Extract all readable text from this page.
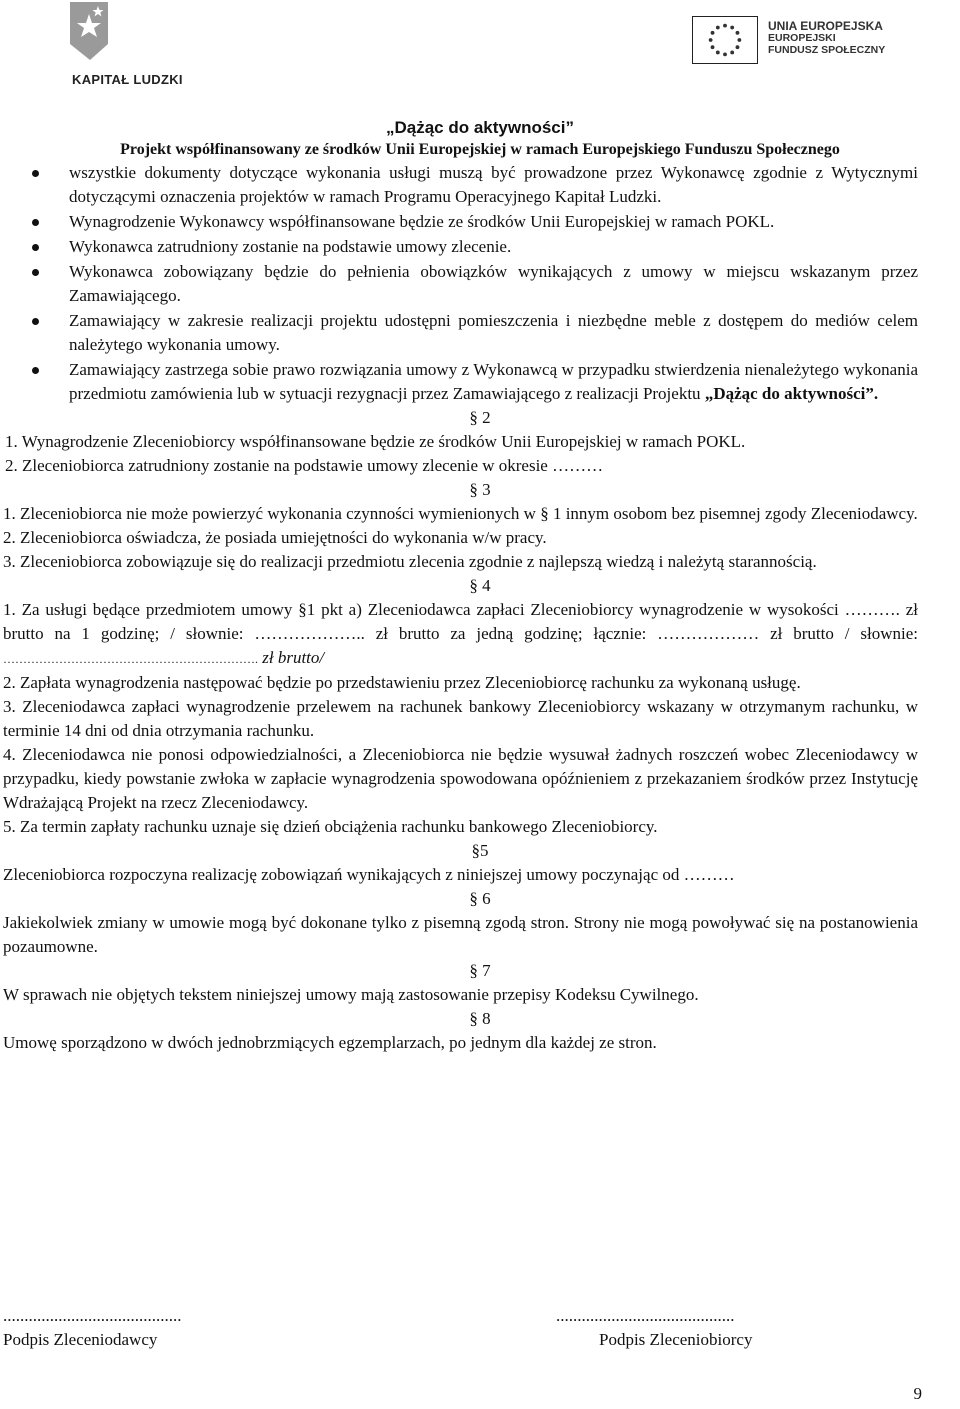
KAPITAŁ LUDZKI
UNIA EUROPEJSKA
EUROPEJSKI
FUNDUSZ SPOŁECZNY
„Dążąc do aktywności”
Projekt współfinansowany ze środków Unii Europejskiej w ramach Europejskiego Funduszu Społecznego
wszystkie dokumenty dotyczące wykonania usługi muszą być prowadzone przez Wykonawcę zgodnie z Wytycznymi dotyczącymi oznaczenia projektów w ramach Programu Operacyjnego Kapitał Ludzki.
Wynagrodzenie Wykonawcy współfinansowane będzie ze środków Unii Europejskiej w ramach POKL.
Wykonawca zatrudniony zostanie na podstawie umowy zlecenie.
Wykonawca zobowiązany będzie do pełnienia obowiązków wynikających z umowy w miejscu wskazanym przez Zamawiającego.
Zamawiający w zakresie realizacji projektu udostępni pomieszczenia i niezbędne meble z dostępem do mediów celem należytego wykonania umowy.
Zamawiający zastrzega sobie prawo rozwiązania umowy z Wykonawcą w przypadku stwierdzenia nienależytego wykonania przedmiotu zamówienia lub w sytuacji rezygnacji przez Zamawiającego z realizacji Projektu „Dążąc do aktywności”.
§ 2
1. Wynagrodzenie Zleceniobiorcy współfinansowane będzie ze środków Unii Europejskiej w ramach POKL.
2. Zleceniobiorca zatrudniony zostanie na podstawie umowy zlecenie w okresie ………
§ 3
1. Zleceniobiorca nie może powierzyć wykonania czynności wymienionych w § 1 innym osobom bez pisemnej zgody Zleceniodawcy.
2. Zleceniobiorca oświadcza, że posiada umiejętności do wykonania w/w pracy.
3. Zleceniobiorca zobowiązuje się do realizacji przedmiotu zlecenia zgodnie z najlepszą wiedzą i należytą starannością.
§ 4
1. Za usługi będące przedmiotem umowy §1 pkt a) Zleceniodawca zapłaci Zleceniobiorcy wynagrodzenie w wysokości ………. zł brutto na 1 godzinę; / słownie: ……………….. zł brutto za jedną godzinę; łącznie: ……………… zł brutto / słownie: ………………………………………………………. zł brutto/
2. Zapłata wynagrodzenia następować będzie po przedstawieniu przez Zleceniobiorcę rachunku za wykonaną usługę.
3. Zleceniodawca zapłaci wynagrodzenie przelewem na rachunek bankowy Zleceniobiorcy wskazany w otrzymanym rachunku, w terminie 14 dni od dnia otrzymania rachunku.
4. Zleceniodawca nie ponosi odpowiedzialności, a Zleceniobiorca nie będzie wysuwał żadnych roszczeń wobec Zleceniodawcy w przypadku, kiedy powstanie zwłoka w zapłacie wynagrodzenia spowodowana opóźnieniem z przekazaniem środków przez Instytucję Wdrażającą Projekt na rzecz Zleceniodawcy.
5. Za termin zapłaty rachunku uznaje się dzień obciążenia rachunku bankowego Zleceniobiorcy.
§5
Zleceniobiorca rozpoczyna realizację zobowiązań wynikających z niniejszej umowy poczynając od ………
§ 6
Jakiekolwiek zmiany w umowie mogą być dokonane tylko z pisemną zgodą stron. Strony nie mogą powoływać się na postanowienia pozaumowne.
§ 7
W sprawach nie objętych tekstem niniejszej umowy mają zastosowanie przepisy Kodeksu Cywilnego.
§ 8
Umowę sporządzono w dwóch jednobrzmiących egzemplarzach, po jednym dla każdej ze stron.
..........................................
Podpis Zleceniodawcy
..........................................
Podpis Zleceniobiorcy
9
